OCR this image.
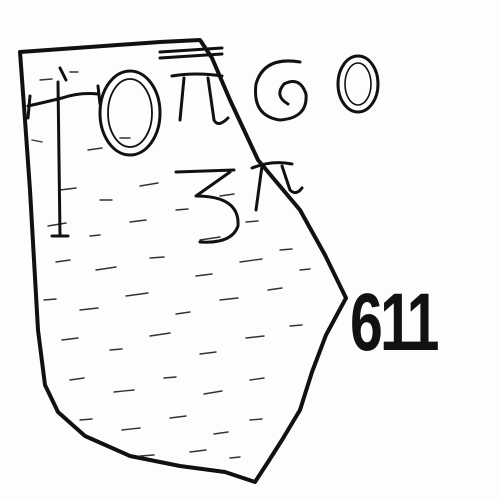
611
